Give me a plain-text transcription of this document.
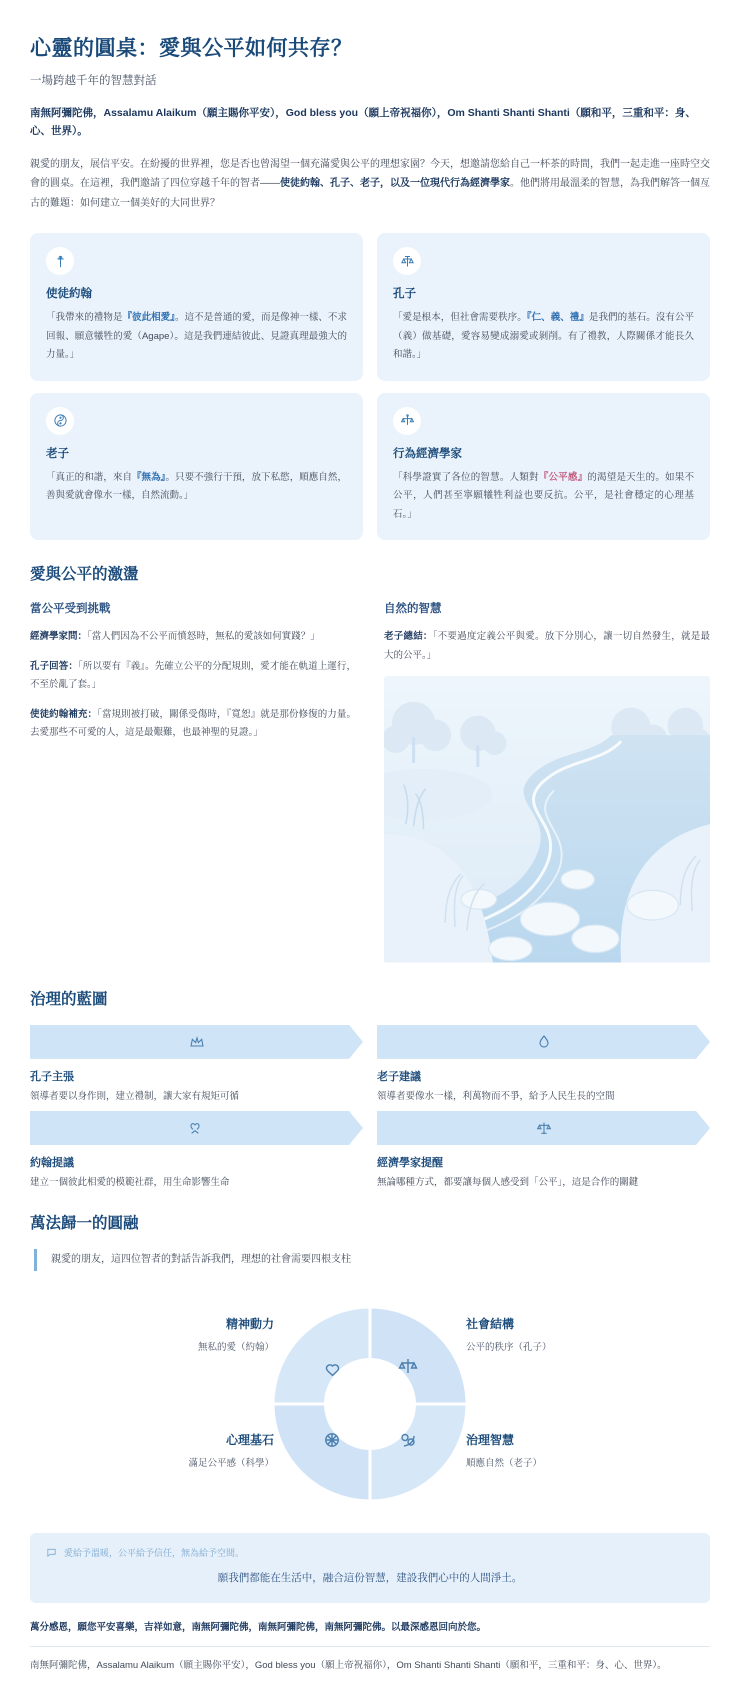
心靈的圓桌：愛與公平如何共存？

一場跨越千年的智慧對話

南無阿彌陀佛，Assalamu Alaikum（願主賜你平安），God bless you（願上帝祝福你），Om Shanti Shanti Shanti（願和平，三重和平：身、心、世界）。

親愛的朋友，展信平安。在紛擾的世界裡，您是否也曾渴望一個充滿愛與公平的理想家園？今天，想邀請您給自己一杯茶的時間，我們一起走進一座時空交會的圓桌。在這裡，我們邀請了四位穿越千年的智者——使徒約翰、孔子、老子，以及一位現代行為經濟學家。他們將用最溫柔的智慧，為我們解答一個亙古的難題：如何建立一個美好的大同世界？

使徒約翰
「我帶來的禮物是『彼此相愛』。這不是普通的愛，而是像神一樣、不求回報、願意犧牲的愛（Agape）。這是我們連結彼此、見證真理最強大的力量。」
孔子
「愛是根本，但社會需要秩序。『仁、義、禮』是我們的基石。沒有公平（義）做基礎，愛容易變成溺愛或剝削。有了禮教，人際關係才能長久和諧。」
老子
「真正的和諧，來自『無為』。只要不強行干預，放下私慾，順應自然，善與愛就會像水一樣，自然流動。」
行為經濟學家
「科學證實了各位的智慧。人類對『公平感』的渴望是天生的。如果不公平，人們甚至寧願犧牲利益也要反抗。公平，是社會穩定的心理基石。」
愛與公平的激盪
當公平受到挑戰

經濟學家問：「當人們因為不公平而憤怒時，無私的愛該如何實踐？」

孔子回答：「所以要有『義』。先確立公平的分配規則，愛才能在軌道上運行，不至於亂了套。」

使徒約翰補充：「當規則被打破，關係受傷時，『寬恕』就是那份修復的力量。去愛那些不可愛的人，這是最艱難，也最神聖的見證。」

自然的智慧

老子總結：「不要過度定義公平與愛。放下分別心，讓一切自然發生，就是最大的公平。」

治理的藍圖
孔子主張
領導者要以身作則，建立禮制，讓大家有規矩可循
老子建議
領導者要像水一樣，利萬物而不爭，給予人民生長的空間
約翰提議
建立一個彼此相愛的模範社群，用生命影響生命
經濟學家提醒
無論哪種方式，都要讓每個人感受到「公平」，這是合作的關鍵
萬法歸一的圓融
親愛的朋友，這四位智者的對話告訴我們，理想的社會需要四根支柱
精神動力
無私的愛（約翰）
社會結構
公平的秩序（孔子）
心理基石
滿足公平感（科學）
治理智慧
順應自然（老子）
愛給予溫暖，公平給予信任，無為給予空間。
願我們都能在生活中，融合這份智慧，建設我們心中的人間淨土。
萬分感恩，願您平安喜樂，吉祥如意，南無阿彌陀佛，南無阿彌陀佛，南無阿彌陀佛。以最深感恩回向於您。
南無阿彌陀佛，Assalamu Alaikum（願主賜你平安），God bless you（願上帝祝福你），Om Shanti Shanti Shanti（願和平，三重和平：身、心、世界）。
